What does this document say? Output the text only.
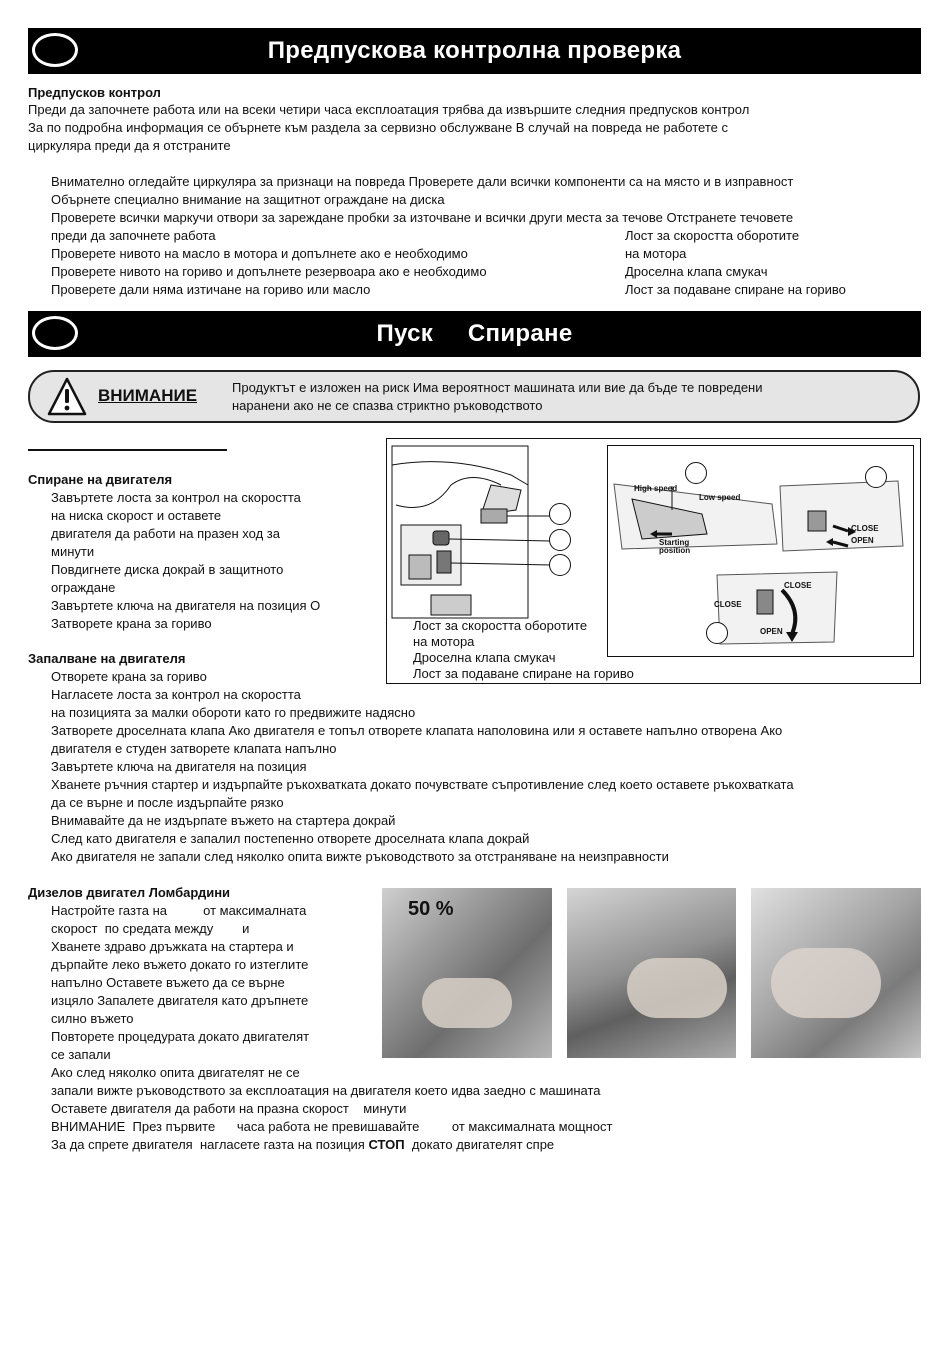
Предпускова контролна проверка
Предпусков контрол
Преди да започнете работа или на всеки четири часа експлоатация трябва да извършите следния предпусков контрол
За по подробна информация се обърнете към раздела за сервизно обслужване В случай на повреда не работете с
циркуляра преди да я отстраните
Внимателно огледайте циркуляра за признаци на повреда Проверете дали всички компоненти са на място и в изправност
Обърнете специално внимание на защитнот ограждане на диска
Проверете всички маркучи отвори за зареждане пробки за източване и всички други места за течове Отстранете течовете
преди да започнете работа
Проверете нивото на масло в мотора и допълнете ако е необходимо
Проверете нивото на гориво и допълнете резервоара ако е необходимо
Проверете дали няма изтичане на гориво или масло
Лост за скоростта оборотите
на мотора
Дроселна клапа смукач
Лост за подаване спиране на гориво
Пуск     Спиране
ВНИМАНИЕ	Продуктът е изложен на риск Има вероятност машината или вие да бъде те повредени
наранени ако не се спазва стриктно ръководството
Спиране на двигателя
Завъртете лоста за контрол на скоростта
на ниска скорост и оставете
двигателя да работи на празен ход за
минути
Повдигнете диска докрай в защитното
ограждане
Завъртете ключа на двигателя на позиция O
Затворете крана за гориво
High speed
Low speed
Starting
position
CLOSE
OPEN
CLOSE
CLOSE
OPEN
Лост за скоростта оборотите
на мотора
Дроселна клапа смукач
Лост за подаване спиране на гориво
Запалване на двигателя
Отворете крана за гориво
Нагласете лоста за контрол на скоростта
на позицията за малки обороти като го предвижите надясно
Затворете дроселната клапа Ако двигателя е топъл отворете клапата наполовина или я оставете напълно отворена Ако
двигателя е студен затворете клапата напълно
Завъртете ключа на двигателя на позиция
Хванете ръчния стартер и издърпайте ръкохватката докато почувствате съпротивление след което оставете ръкохватката
да се върне и после издърпайте рязко
Внимавайте да не издърпате въжето на стартера докрай
След като двигателя е запалил постепенно отворете дроселната клапа докрай
Ако двигателя не запали след няколко опита вижте ръководството за отстраняване на неизправности
Дизелов двигател Ломбардини
Настройте газта на          от максималната
скорост  по средата между        и
Хванете здраво дръжката на стартера и
дърпайте леко въжето докато го изтеглите
напълно Оставете въжето да се върне
изцяло Запалете двигателя като дръпнете
силно въжето
Повторете процедурата докато двигателят
се запали
Ако след няколко опита двигателят не се
запали вижте ръководството за експлоатация на двигателя което идва заедно с машината
Оставете двигателя да работи на празна скорост    минути
ВНИМАНИЕ  През първите      часа работа не превишавайте         от максималната мощност
За да спрете двигателя  нагласете газта на позиция СТОП  докато двигателят спре
50 %
